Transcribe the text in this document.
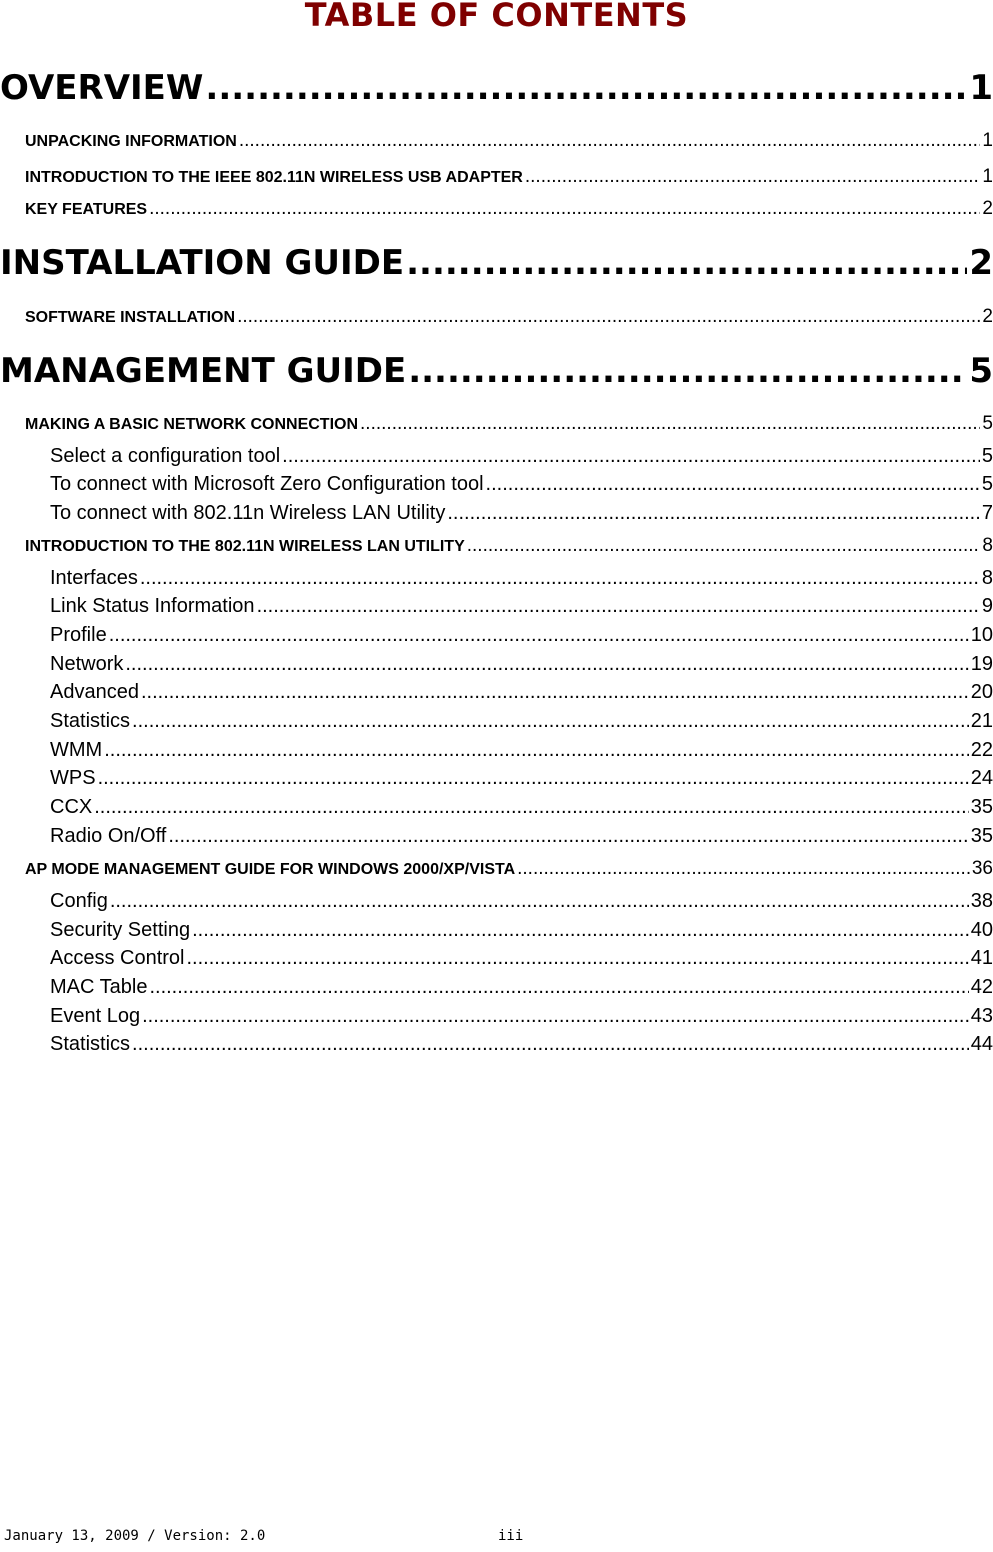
TABLE OF CONTENTS
OVERVIEW .....	1
UNPACKING INFORMATION .....	1
INTRODUCTION TO THE IEEE 802.11N WIRELESS USB ADAPTER .....	1
KEY FEATURES .....	2
INSTALLATION GUIDE .....	2
SOFTWARE INSTALLATION .....	2
MANAGEMENT GUIDE .....	5
MAKING A BASIC NETWORK CONNECTION .....	5
Select a configuration tool .....	5
To connect with Microsoft Zero Configuration tool .....	5
To connect with 802.11n Wireless LAN Utility .....	7
INTRODUCTION TO THE 802.11N WIRELESS LAN UTILITY .....	8
Interfaces .....	8
Link Status Information .....	9
Profile .....	10
Network .....	19
Advanced .....	20
Statistics .....	21
WMM .....	22
WPS .....	24
CCX .....	35
Radio On/Off .....	35
AP MODE MANAGEMENT GUIDE FOR WINDOWS 2000/XP/VISTA .....	36
Config .....	38
Security Setting .....	40
Access Control .....	41
MAC Table .....	42
Event Log .....	43
Statistics .....	44
January 13, 2009 / Version: 2.0	iii
